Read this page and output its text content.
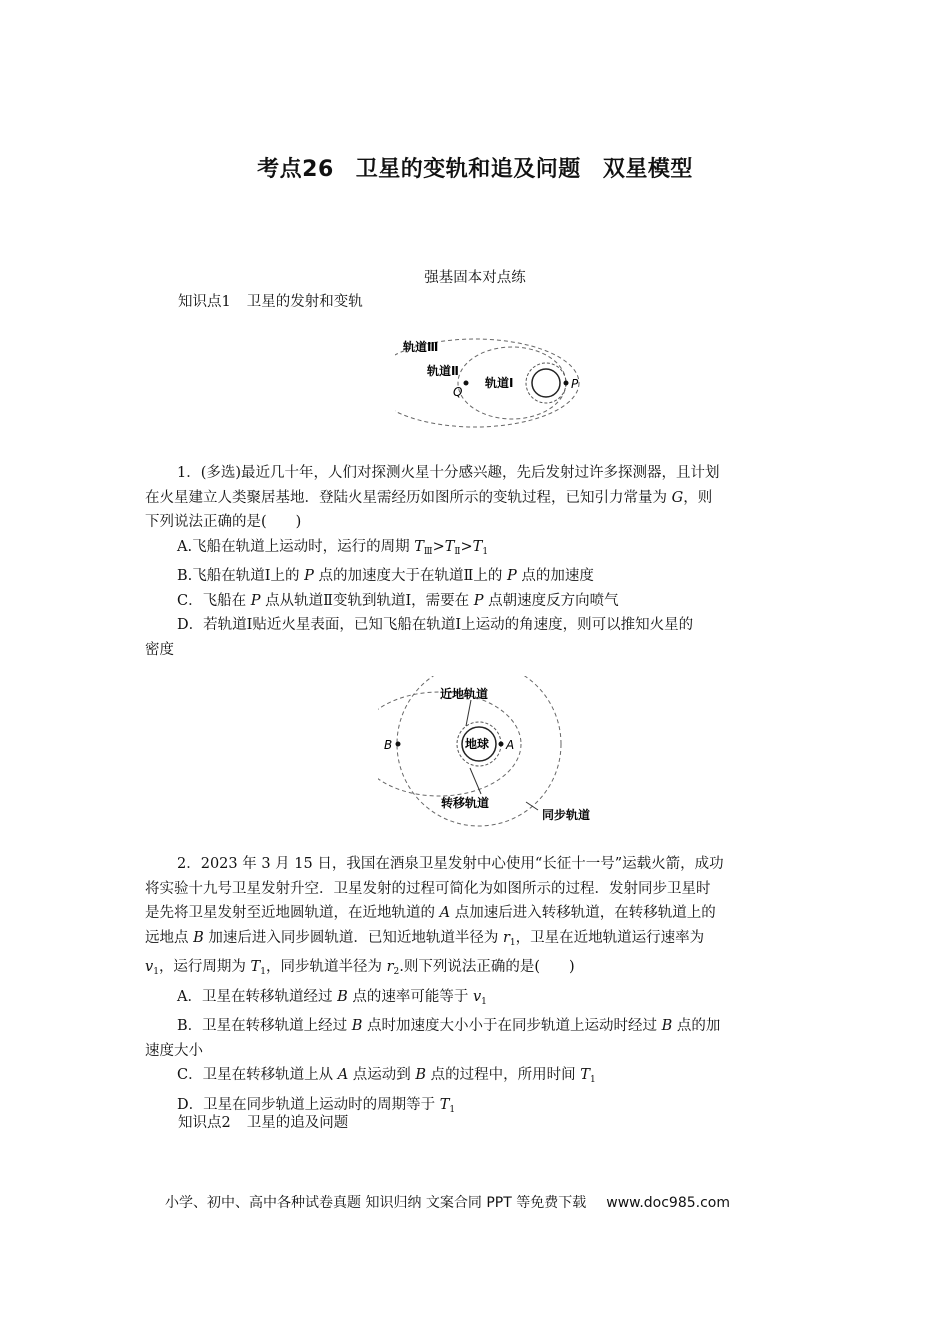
考点26 卫星的变轨和追及问题 双星模型
强基固本对点练
知识点1 卫星的发射和变轨
轨道Ⅲ
轨道Ⅱ
轨道Ⅰ
Q
P

1．(多选)最近几十年，人们对探测火星十分感兴趣，先后发射过许多探测器，且计划

在火星建立人类聚居基地．登陆火星需经历如图所示的变轨过程，已知引力常量为 G，则

下列说法正确的是(　　)

A.飞船在轨道上运动时，运行的周期 $T_Ⅲ>T_Ⅱ>T_1$

B.飞船在轨道Ⅰ上的 P 点的加速度大于在轨道Ⅱ上的 P 点的加速度

C．飞船在 P 点从轨道Ⅱ变轨到轨道Ⅰ，需要在 P 点朝速度反方向喷气

D．若轨道Ⅰ贴近火星表面，已知飞船在轨道Ⅰ上运动的角速度，则可以推知火星的

密度

近地轨道
地球 A
B
转移轨道
同步轨道

2．2023 年 3 月 15 日，我国在酒泉卫星发射中心使用“长征十一号”运载火箭，成功

将实验十九号卫星发射升空．卫星发射的过程可简化为如图所示的过程．发射同步卫星时

是先将卫星发射至近地圆轨道，在近地轨道的 A 点加速后进入转移轨道，在转移轨道上的

远地点 B 加速后进入同步圆轨道．已知近地轨道半径为 $r_1$，卫星在近地轨道运行速率为

$v_1$，运行周期为 $T_1$，同步轨道半径为 $r_2$.则下列说法正确的是(　　)

A．卫星在转移轨道经过 B 点的速率可能等于 $v_1$

B．卫星在转移轨道上经过 B 点时加速度大小小于在同步轨道上运动时经过 B 点的加

速度大小

C．卫星在转移轨道上从 A 点运动到 B 点的过程中，所用时间 $T_1$

D．卫星在同步轨道上运动时的周期等于 $T_1$

知识点2 卫星的追及问题
小学、初中、高中各种试卷真题 知识归纳 文案合同 PPT 等免费下载 www.doc985.com
